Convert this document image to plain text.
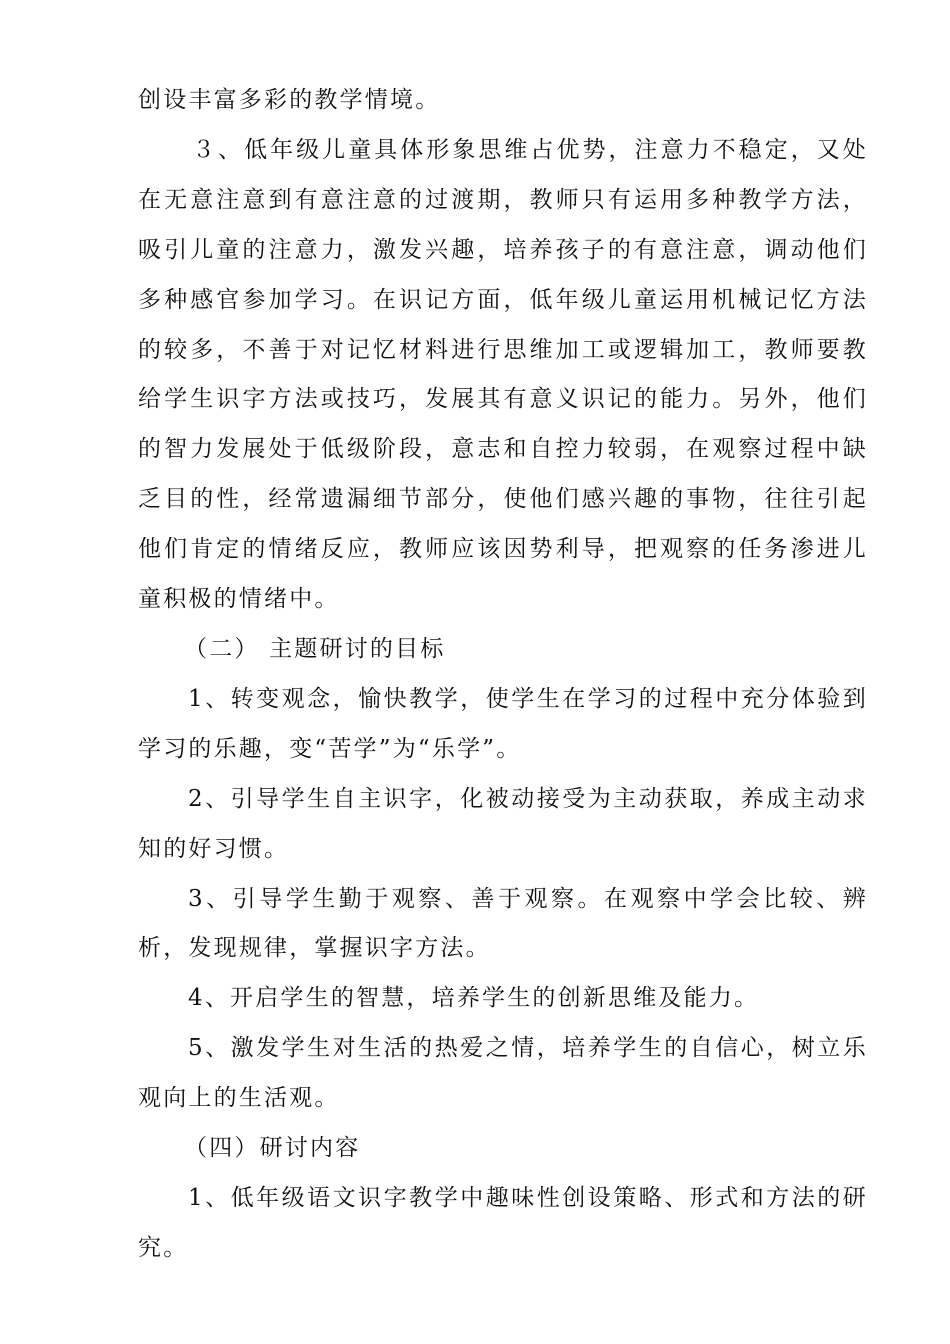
创设丰富多彩的教学情境。

３、低年级儿童具体形象思维占优势，注意力不稳定，又处在无意注意到有意注意的过渡期，教师只有运用多种教学方法，吸引儿童的注意力，激发兴趣，培养孩子的有意注意，调动他们多种感官参加学习。在识记方面，低年级儿童运用机械记忆方法的较多，不善于对记忆材料进行思维加工或逻辑加工，教师要教给学生识字方法或技巧，发展其有意义识记的能力。另外，他们的智力发展处于低级阶段，意志和自控力较弱，在观察过程中缺乏目的性，经常遗漏细节部分，使他们感兴趣的事物，往往引起他们肯定的情绪反应，教师应该因势利导，把观察的任务渗进儿童积极的情绪中。

（二） 主题研讨的目标

1、转变观念，愉快教学，使学生在学习的过程中充分体验到学习的乐趣，变“苦学”为“乐学”。

2、引导学生自主识字，化被动接受为主动获取，养成主动求知的好习惯。

3、引导学生勤于观察、善于观察。在观察中学会比较、辨析，发现规律，掌握识字方法。

4、开启学生的智慧，培养学生的创新思维及能力。

5、激发学生对生活的热爱之情，培养学生的自信心，树立乐观向上的生活观。

（四）研讨内容

1、低年级语文识字教学中趣味性创设策略、形式和方法的研究。
